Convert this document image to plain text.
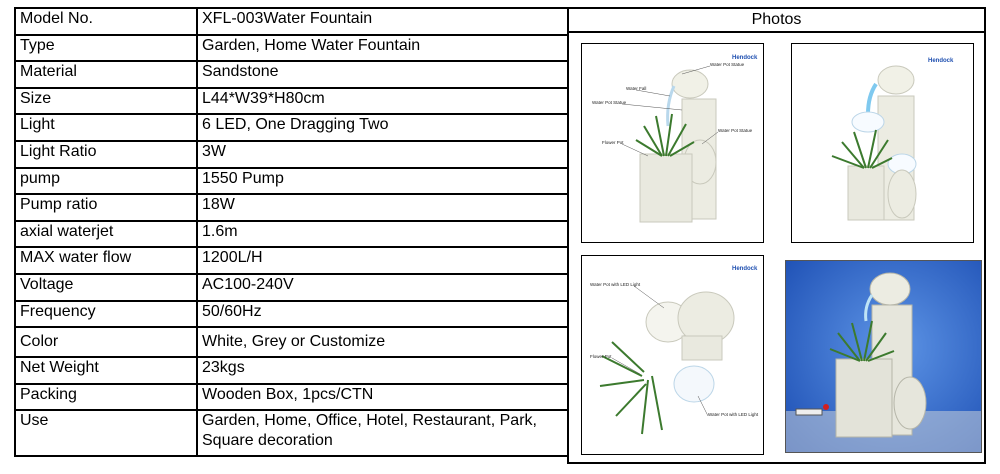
Model No.	XFL-003Water Fountain
Type	Garden, Home Water Fountain
Material	Sandstone
Size	L44*W39*H80cm
Light	6 LED, One Dragging Two
Light Ratio	3W
pump	1550 Pump
Pump ratio	18W
axial waterjet	1.6m
MAX water flow	1200L/H
Voltage	AC100-240V
Frequency	50/60Hz
Color	White, Grey or Customize
Net Weight	23kgs
Packing	Wooden Box, 1pcs/CTN
Use	Garden, Home, Office, Hotel, Restaurant, Park, Square decoration
Photos
Hendock
Water Pot Statue
Water Fall
Water Pot Statue
Water Pot Statue
Flower Pot
Hendock
Hendock
Water Pot with LED Light
Flower Pot
Water Pot with LED Light
